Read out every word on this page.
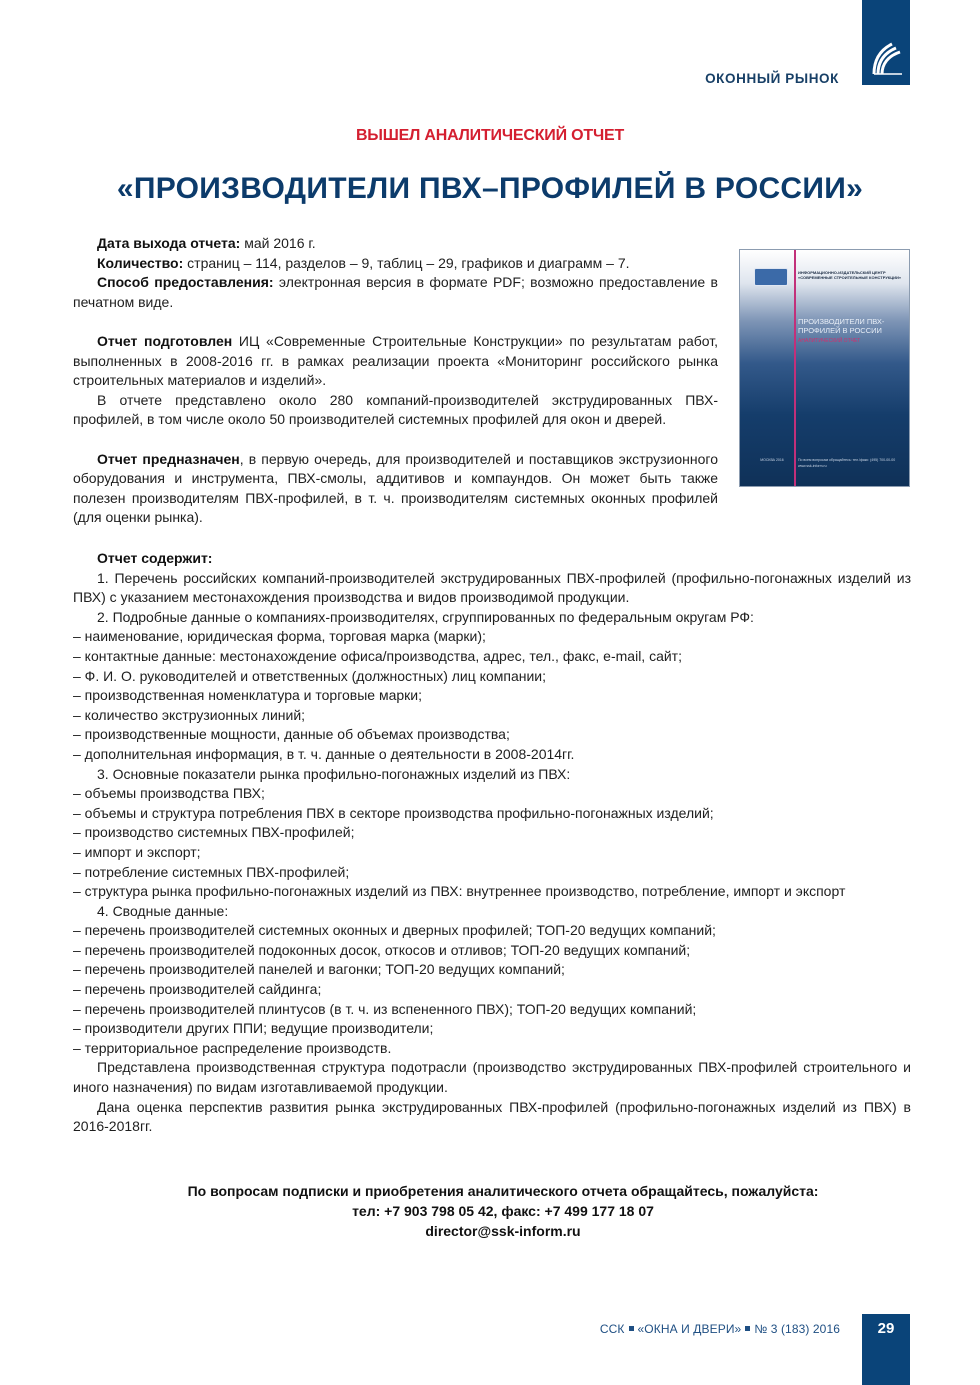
ОКОННЫЙ РЫНОК
ВЫШЕЛ АНАЛИТИЧЕСКИЙ ОТЧЕТ
«ПРОИЗВОДИТЕЛИ ПВХ–ПРОФИЛЕЙ В РОССИИ»

Дата выхода отчета: май 2016 г.

Количество: страниц – 114, разделов – 9, таблиц – 29, графиков и диаграмм – 7.

Способ предоставления: электронная версия в формате PDF; возможно предоставление в печатном виде.

Отчет подготовлен ИЦ «Современные Строительные Конструкции» по результатам работ, выполненных в 2008-2016 гг. в рамках реализации проекта «Мониторинг российского рынка строительных материалов и изделий».

В отчете представлено около 280 компаний-производителей экструдированных ПВХ-профилей, в том числе около 50 производителей системных профилей для окон и дверей.

Отчет предназначен, в первую очередь, для производителей и поставщиков экструзионного оборудования и инструмента, ПВХ-смолы, аддитивов и компаундов. Он может быть также полезен производителям ПВХ-профилей, в т. ч. производителям системных оконных профилей (для оценки рынка).

ИНФОРМАЦИОННО-ИЗДАТЕЛЬСКИЙ ЦЕНТР «СОВРЕМЕННЫЕ СТРОИТЕЛЬНЫЕ КОНСТРУКЦИИ»
ПРОИЗВОДИТЕЛИ ПВХ-ПРОФИЛЕЙ В РОССИИ
АНАЛИТИЧЕСКИЙ ОТЧЕТ
МОСКВА 2016	По всем вопросам обращайтесь: тел./факс: (495) 700-00-00 www.ssk-inform.ru

Отчет содержит:

1. Перечень российских компаний-производителей экструдированных ПВХ-профилей (профильно-погонажных изделий из ПВХ) с указанием местонахождения производства и видов производимой продукции.

2. Подробные данные о компаниях-производителях, сгруппированных по федеральным округам РФ:

– наименование, юридическая форма, торговая марка (марки);

– контактные данные: местонахождение офиса/производства, адрес, тел., факс, e-mail, сайт;

– Ф. И. О. руководителей и ответственных (должностных) лиц компании;

– производственная номенклатура и торговые марки;

– количество экструзионных линий;

– производственные мощности, данные об объемах производства;

– дополнительная информация, в т. ч. данные о деятельности в 2008-2014гг.

3. Основные показатели рынка профильно-погонажных изделий из ПВХ:

– объемы производства ПВХ;

– объемы и структура потребления ПВХ в секторе производства профильно-погонажных изделий;

– производство системных ПВХ-профилей;

– импорт и экспорт;

– потребление системных ПВХ-профилей;

– структура рынка профильно-погонажных изделий из ПВХ: внутреннее производство, потребление, импорт и экспорт

4. Сводные данные:

– перечень производителей системных оконных и дверных профилей; ТОП-20 ведущих компаний;

– перечень производителей подоконных досок, откосов и отливов; ТОП-20 ведущих компаний;

– перечень производителей панелей и вагонки; ТОП-20 ведущих компаний;

– перечень производителей сайдинга;

– перечень производителей плинтусов (в т. ч. из вспененного ПВХ); ТОП-20 ведущих компаний;

– производители других ППИ; ведущие производители;

– территориальное распределение производств.

Представлена производственная структура подотрасли (производство экструдированных ПВХ-профилей строительного и иного назначения) по видам изготавливаемой продукции.

Дана оценка перспектив развития рынка экструдированных ПВХ-профилей (профильно-погонажных изделий из ПВХ) в 2016-2018гг.

По вопросам подписки и приобретения аналитического отчета обращайтесь, пожалуйста:
тел: +7 903 798 05 42, факс: +7 499 177 18 07
director@ssk-inform.ru
ССК «ОКНА И ДВЕРИ» № 3 (183) 2016	29
